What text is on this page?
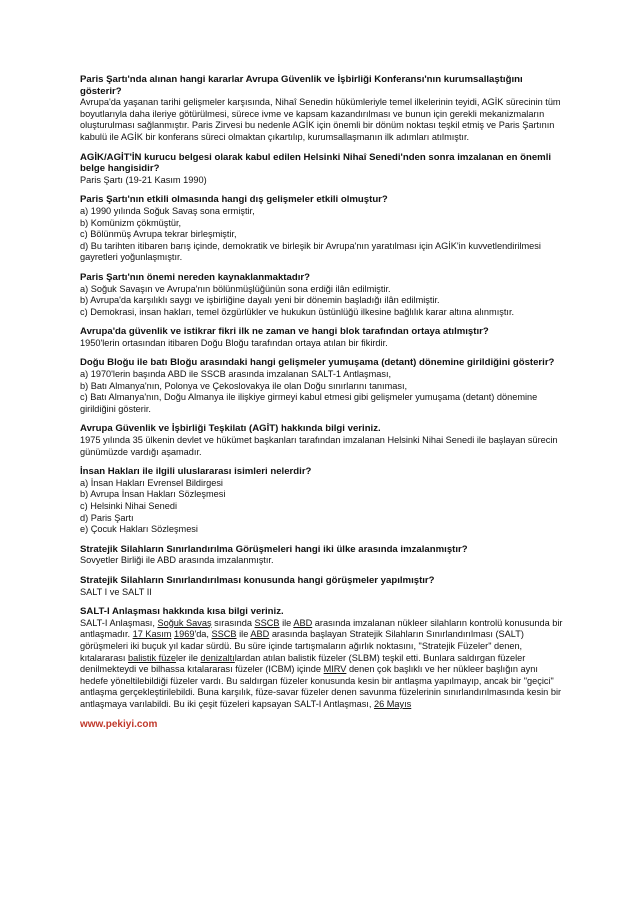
Paris Şartı'nda alınan hangi kararlar Avrupa Güvenlik ve İşbirliği Konferansı'nın kurumsallaştığını gösterir?

Avrupa'da yaşanan tarihi gelişmeler karşısında, Nihaî Senedin hükümleriyle temel ilkelerinin teyidi, AGİK sürecinin tüm boyutlarıyla daha ileriye götürülmesi, sürece ivme ve kapsam kazandırılması ve bunun için gerekli mekanizmaların oluşturulması sağlanmıştır. Paris Zirvesi bu nedenle AGİK için önemli bir dönüm noktası teşkil etmiş ve Paris Şartının kabulü ile AGİK bir konferans süreci olmaktan çıkartılıp, kurumsallaşmanın ilk adımları atılmıştır.

AGİK/AGİT'İN kurucu belgesi olarak kabul edilen Helsinki Nihaî Senedi'nden sonra imzalanan en önemli belge hangisidir?

Paris Şartı (19-21 Kasım 1990)

Paris Şartı'nın etkili olmasında hangi dış gelişmeler etkili olmuştur?

a) 1990 yılında Soğuk Savaş sona ermiştir,
b) Komünizm çökmüştür,
c) Bölünmüş Avrupa tekrar birleşmiştir,
d) Bu tarihten itibaren barış içinde, demokratik ve birleşik bir Avrupa'nın yaratılması için AGİK'in kuvvetlendirilmesi gayretleri yoğunlaşmıştır.

Paris Şartı'nın önemi nereden kaynaklanmaktadır?

a) Soğuk Savaşın ve Avrupa'nın bölünmüşlüğünün sona erdiği ilân edilmiştir.
b) Avrupa'da karşılıklı saygı ve işbirliğine dayalı yeni bir dönemin başladığı ilân edilmiştir.
c) Demokrasi, insan hakları, temel özgürlükler ve hukukun üstünlüğü ilkesine bağlılık karar altına alınmıştır.

Avrupa'da güvenlik ve istikrar fikri ilk ne zaman ve hangi blok tarafından ortaya atılmıştır?

1950'lerin ortasından itibaren Doğu Bloğu tarafından ortaya atılan bir fikirdir.

Doğu Bloğu ile batı Bloğu arasındaki hangi gelişmeler yumuşama (detant) dönemine girildiğini gösterir?

a) 1970'lerin başında ABD ile SSCB arasında imzalanan SALT-1 Antlaşması,
b) Batı Almanya'nın, Polonya ve Çekoslovakya ile olan Doğu sınırlarını tanıması,
c) Batı Almanya'nın, Doğu Almanya ile ilişkiye girmeyi kabul etmesi gibi gelişmeler yumuşama (detant) dönemine girildiğini gösterir.

Avrupa Güvenlik ve İşbirliği Teşkilatı (AGİT) hakkında bilgi veriniz.

1975 yılında 35 ülkenin devlet ve hükümet başkanları tarafından imzalanan Helsinki Nihai Senedi ile başlayan sürecin günümüzde vardığı aşamadır.

İnsan Hakları ile ilgili uluslararası isimleri nelerdir?

a) İnsan Hakları Evrensel Bildirgesi
b) Avrupa İnsan Hakları Sözleşmesi
c) Helsinki Nihai Senedi
d) Paris Şartı
e) Çocuk Hakları Sözleşmesi

Stratejik Silahların Sınırlandırılma Görüşmeleri hangi iki ülke arasında imzalanmıştır?

Sovyetler Birliği ile ABD arasında imzalanmıştır.

Stratejik Silahların Sınırlandırılması konusunda hangi görüşmeler yapılmıştır?

SALT I ve SALT II

SALT-I Anlaşması hakkında kısa bilgi veriniz.

SALT-I Anlaşması, Soğuk Savaş sırasında SSCB ile ABD arasında imzalanan nükleer silahların kontrolü konusunda bir antlaşmadır. 17 Kasım 1969'da, SSCB ile ABD arasında başlayan Stratejik Silahların Sınırlandırılması (SALT) görüşmeleri iki buçuk yıl kadar sürdü. Bu süre içinde tartışmaların ağırlık noktasını, "Stratejik Füzeler" denen, kıtalararası balistik füzeler ile denizaltılardan atılan balistik füzeler (SLBM) teşkil etti. Bunlara saldırgan füzeler denilmekteydi ve bilhassa kıtalararası füzeler (ICBM) içinde MIRV denen çok başlıklı ve her nükleer başlığın aynı hedefe yöneltilebildiği füzeler vardı. Bu saldırgan füzeler konusunda kesin bir antlaşma yapılmayıp, ancak bir "geçici" antlaşma gerçekleştirilebildi. Buna karşılık, füze-savar füzeler denen savunma füzelerinin sınırlandırılmasında kesin bir antlaşmaya varılabildi. Bu iki çeşit füzeleri kapsayan SALT-I Antlaşması, 26 Mayıs

www.pekiyi.com
